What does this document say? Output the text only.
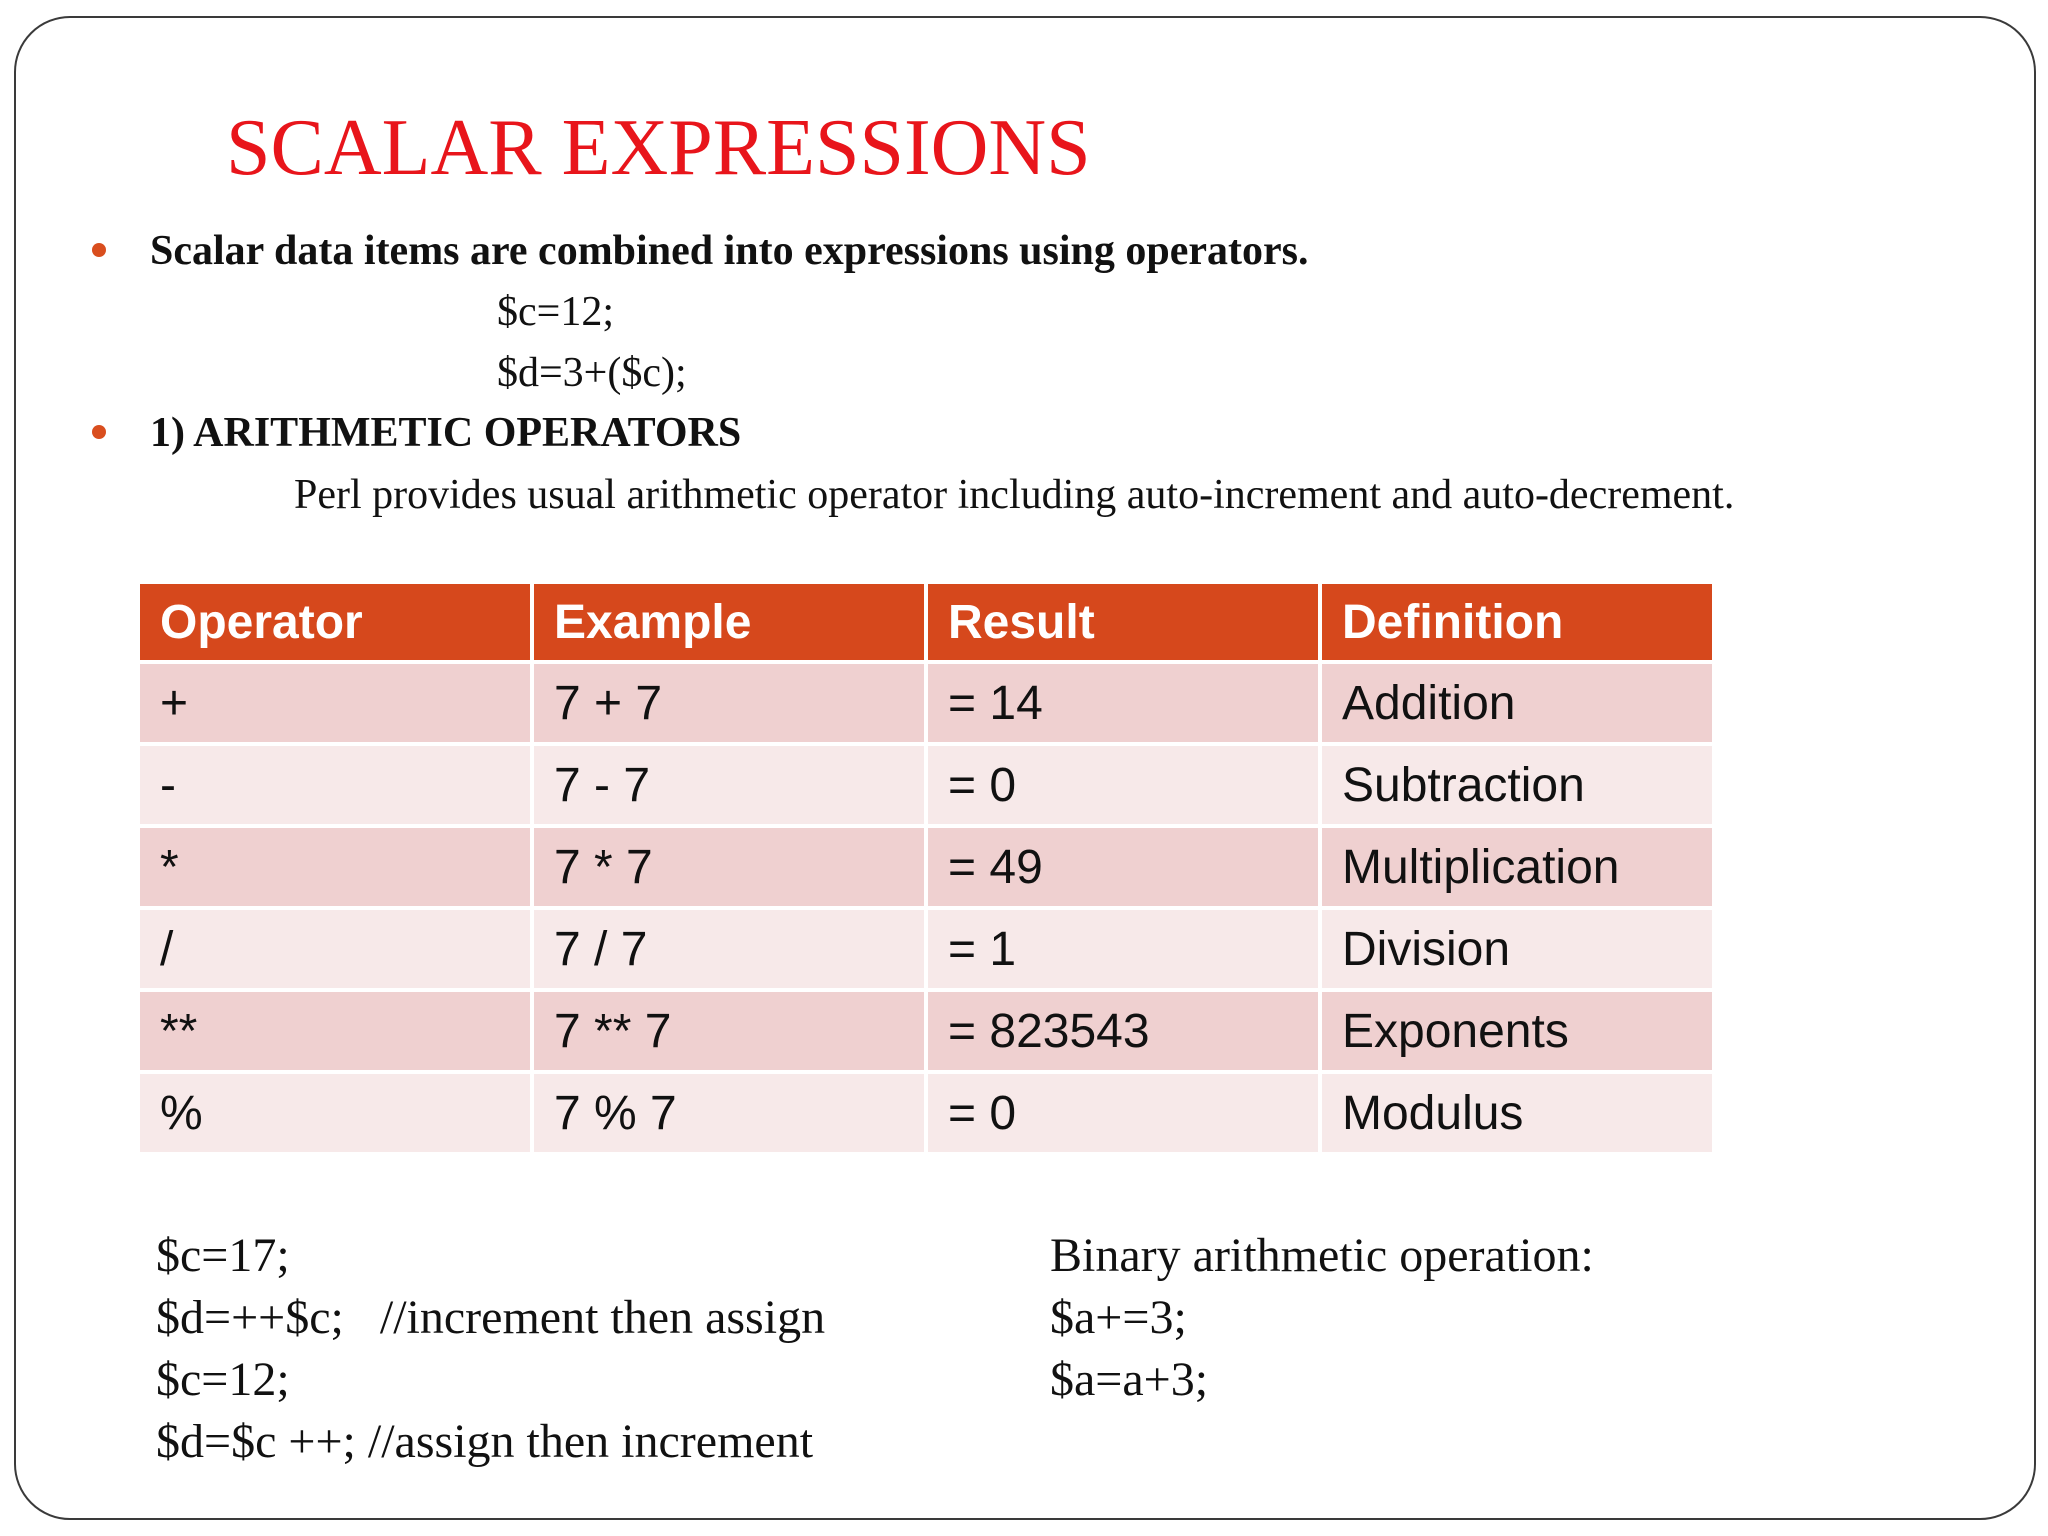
SCALAR EXPRESSIONS
Scalar data items are combined into expressions using operators.
$c=12;
$d=3+($c);
1) ARITHMETIC OPERATORS
Perl provides usual arithmetic operator including auto-increment and auto-decrement.
Operator	Example	Result	Definition
+	7 + 7	= 14	Addition
-	7 - 7	= 0	Subtraction
*	7 * 7	= 49	Multiplication
/	7 / 7	= 1	Division
**	7 ** 7	= 823543	Exponents
%	7 % 7	= 0	Modulus
$c=17;
$d=++$c;   //increment then assign
$c=12;
$d=$c ++; //assign then increment
Binary arithmetic operation:
$a+=3;
$a=a+3;
